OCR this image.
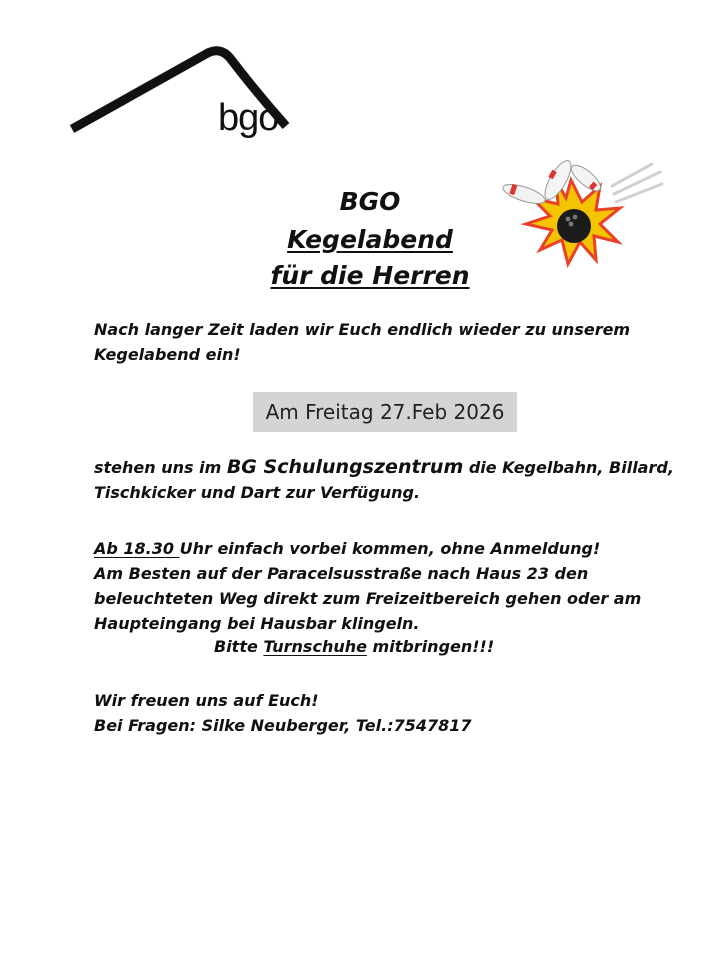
bgo
BGO
Kegelabend
für die Herren
Nach langer Zeit laden wir Euch endlich wieder zu unserem
Kegelabend ein!
Am Freitag 27.Feb 2026
stehen uns im BG Schulungszentrum die Kegelbahn, Billard,
Tischkicker und Dart zur Verfügung.
Ab 18.30 Uhr einfach vorbei kommen, ohne Anmeldung!
Am Besten auf der Paracelsusstraße nach Haus 23 den
beleuchteten Weg direkt zum Freizeitbereich gehen oder am
Haupteingang bei Hausbar klingeln.
Bitte Turnschuhe mitbringen!!!
Wir freuen uns auf Euch!
Bei Fragen: Silke Neuberger, Tel.:7547817
